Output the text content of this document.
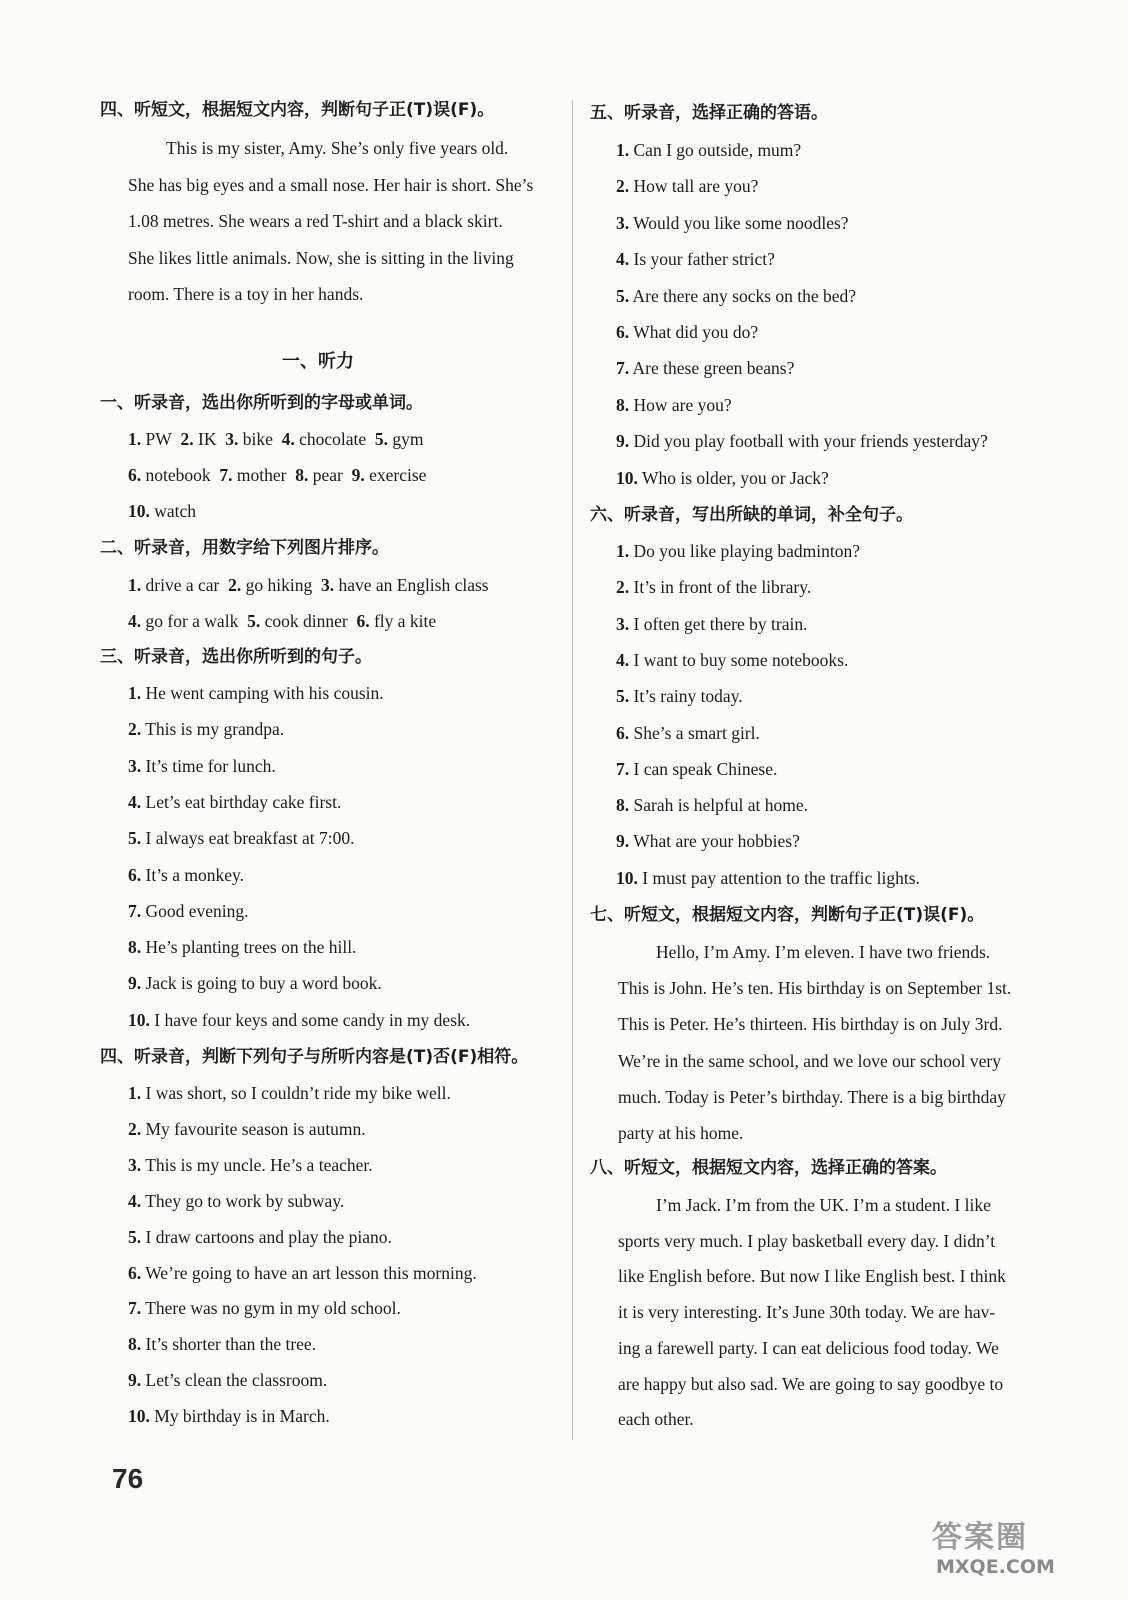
四、听短文，根据短文内容，判断句子正(T)误(F)。
This is my sister, Amy. She’s only five years old.
She has big eyes and a small nose. Her hair is short. She’s
1.08 metres. She wears a red T-shirt and a black skirt.
She likes little animals. Now, she is sitting in the living
room. There is a toy in her hands.
一、听力
一、听录音，选出你所听到的字母或单词。
1. PW 2. IK 3. bike 4. chocolate 5. gym
6. notebook 7. mother 8. pear 9. exercise
10. watch
二、听录音，用数字给下列图片排序。
1. drive a car 2. go hiking 3. have an English class
4. go for a walk 5. cook dinner 6. fly a kite
三、听录音，选出你所听到的句子。
1. He went camping with his cousin.
2. This is my grandpa.
3. It’s time for lunch.
4. Let’s eat birthday cake first.
5. I always eat breakfast at 7:00.
6. It’s a monkey.
7. Good evening.
8. He’s planting trees on the hill.
9. Jack is going to buy a word book.
10. I have four keys and some candy in my desk.
四、听录音，判断下列句子与所听内容是(T)否(F)相符。
1. I was short, so I couldn’t ride my bike well.
2. My favourite season is autumn.
3. This is my uncle. He’s a teacher.
4. They go to work by subway.
5. I draw cartoons and play the piano.
6. We’re going to have an art lesson this morning.
7. There was no gym in my old school.
8. It’s shorter than the tree.
9. Let’s clean the classroom.
10. My birthday is in March.
五、听录音，选择正确的答语。
1. Can I go outside, mum?
2. How tall are you?
3. Would you like some noodles?
4. Is your father strict?
5. Are there any socks on the bed?
6. What did you do?
7. Are these green beans?
8. How are you?
9. Did you play football with your friends yesterday?
10. Who is older, you or Jack?
六、听录音，写出所缺的单词，补全句子。
1. Do you like playing badminton?
2. It’s in front of the library.
3. I often get there by train.
4. I want to buy some notebooks.
5. It’s rainy today.
6. She’s a smart girl.
7. I can speak Chinese.
8. Sarah is helpful at home.
9. What are your hobbies?
10. I must pay attention to the traffic lights.
七、听短文，根据短文内容，判断句子正(T)误(F)。
Hello, I’m Amy. I’m eleven. I have two friends.
This is John. He’s ten. His birthday is on September 1st.
This is Peter. He’s thirteen. His birthday is on July 3rd.
We’re in the same school, and we love our school very
much. Today is Peter’s birthday. There is a big birthday
party at his home.
八、听短文，根据短文内容，选择正确的答案。
I’m Jack. I’m from the UK. I’m a student. I like
sports very much. I play basketball every day. I didn’t
like English before. But now I like English best. I think
it is very interesting. It’s June 30th today. We are hav-
ing a farewell party. I can eat delicious food today. We
are happy but also sad. We are going to say goodbye to
each other.
76
答案圈
MXQE.COM
